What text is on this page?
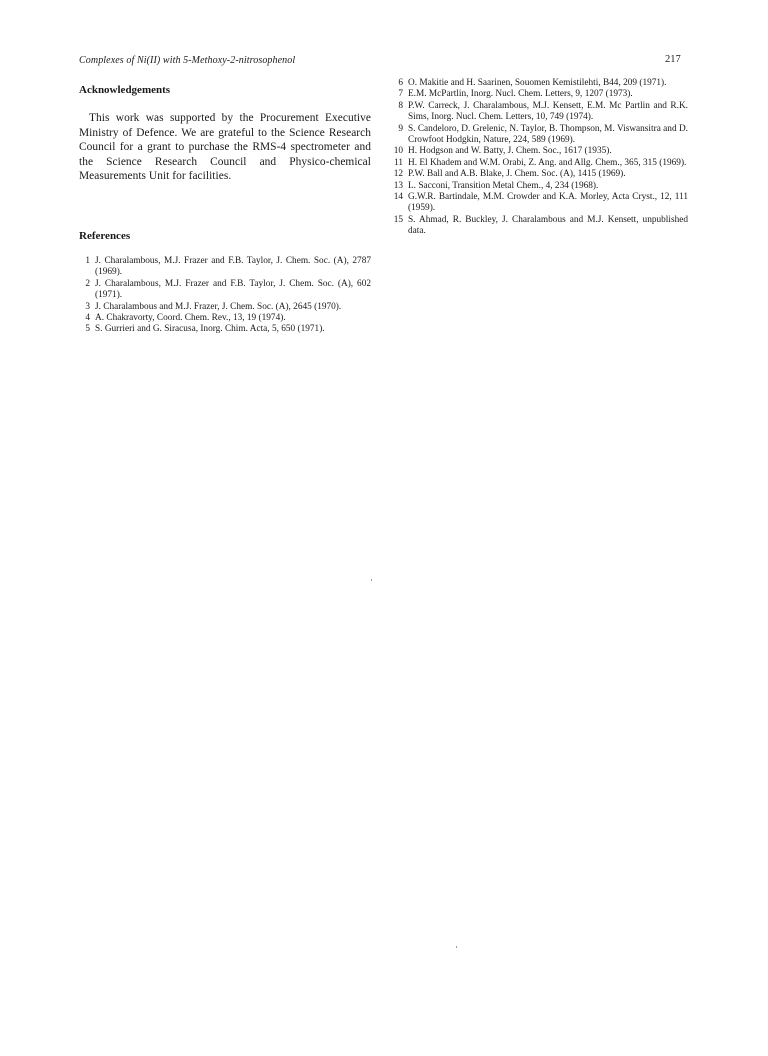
Complexes of Ni(II) with 5-Methoxy-2-nitrosophenol	217
Acknowledgements

This work was supported by the Procurement Executive Ministry of Defence. We are grateful to the Science Research Council for a grant to purchase the RMS-4 spectrometer and the Science Research Council and Physico-chemical Measurements Unit for facilities.

References
1 J. Charalambous, M.J. Frazer and F.B. Taylor, J. Chem. Soc. (A), 2787 (1969).
2 J. Charalambous, M.J. Frazer and F.B. Taylor, J. Chem. Soc. (A), 602 (1971).
3 J. Charalambous and M.J. Frazer, J. Chem. Soc. (A), 2645 (1970).
4 A. Chakravorty, Coord. Chem. Rev., 13, 19 (1974).
5 S. Gurrieri and G. Siracusa, Inorg. Chim. Acta, 5, 650 (1971).
6 O. Makitie and H. Saarinen, Souomen Kemistilehti, B44, 209 (1971).
7 E.M. McPartlin, Inorg. Nucl. Chem. Letters, 9, 1207 (1973).
8 P.W. Carreck, J. Charalambous, M.J. Kensett, E.M. Mc Partlin and R.K. Sims, Inorg. Nucl. Chem. Letters, 10, 749 (1974).
9 S. Candeloro, D. Grelenic, N. Taylor, B. Thompson, M. Viswansitra and D. Crowfoot Hodgkin, Nature, 224, 589 (1969).
10 H. Hodgson and W. Batty, J. Chem. Soc., 1617 (1935).
11 H. El Khadem and W.M. Orabi, Z. Ang. and Allg. Chem., 365, 315 (1969).
12 P.W. Ball and A.B. Blake, J. Chem. Soc. (A), 1415 (1969).
13 L. Sacconi, Transition Metal Chem., 4, 234 (1968).
14 G.W.R. Bartindale, M.M. Crowder and K.A. Morley, Acta Cryst., 12, 111 (1959).
15 S. Ahmad, R. Buckley, J. Charalambous and M.J. Kensett, unpublished data.
